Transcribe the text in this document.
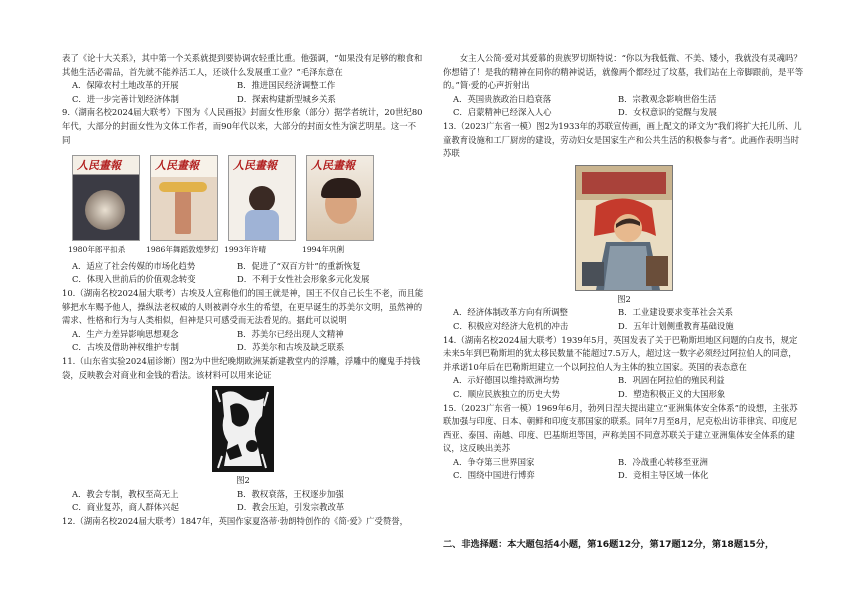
表了《论十大关系》，其中第一个关系就提到要协调农轻重比重。他强调，“如果没有足够的粮食和其他生活必需品，首先就不能养活工人，还谈什么发展重工业？”毛泽东意在

A．保障农村土地改革的开展	B．推进国民经济调整工作
C．进一步完善计划经济体制	D．探索构建新型城乡关系

9.（湖南名校2024届大联考）下图为《人民画报》封面女性形象（部分）据学者统计，20世纪80年代，大部分的封面女性为文体工作者，而90年代以来，大部分的封面女性为演艺明星。这一不同

人民畫報	人民畫報	人民畫報	人民畫報
1980年郎平扣杀	1986年舞蹈敦煌梦幻 1993年许晴	1994年巩俐
A．适应了社会传媒的市场化趋势	B．促进了“双百方针”的重新恢复
C．体现入世前后的价值观念转变	D．不利于女性社会形象多元化发展

10.（湖南名校2024届大联考）古埃及人宣称他们的国王就是神，国王不仅自己长生不老，而且能够把水车赐予他人，操纵法老权威的人则被剥夺水生的希望，在更早诞生的苏美尔文明，虽然神的需求、性格和行为与人类相似，但神是只可感受而无法看见的。据此可以说明

A．生产力差异影响思想观念	B．苏美尔已经出现人文精神
C．古埃及借助神权维护专制	D．苏美尔和古埃及缺乏联系

11.（山东省实验2024届诊断）图2为中世纪晚期欧洲某新建教堂内的浮雕，浮雕中的魔鬼手持钱袋，反映教会对商业和金钱的看法。该材料可以用来论证

图2

A．教会专制，教权至高无上	B．教权衰落，王权逐步加强
C．商业复苏，商人群体兴起	D．教会压迫，引发宗教改革

12.（湖南名校2024届大联考）1847年，英国作家夏洛蒂·勃朗特创作的《简·爱》广受赞誉，

女主人公简·爱对其爱慕的贵族罗切斯特说：“你以为我低微、不美、矮小，我就没有灵魂吗？你想错了！是我的精神在同你的精神说话，就像两个都经过了坟墓，我们站在上帝脚跟前，是平等的。”简·爱的心声折射出

A．英国贵族政治日趋衰落	B．宗教观念影响世俗生活
C．启蒙精神已经深入人心	D．女权意识的觉醒与发展

13.（2023广东省一模）图2为1933年的苏联宣传画，画上配文的译文为“我们将扩大托儿所、儿童教育设施和工厂厨房的建设，劳动妇女是国家生产和公共生活的积极参与者”。此画作表明当时苏联

图2

A．经济体制改革方向有所调整	B．工业建设要求变革社会关系
C．积极应对经济大危机的冲击	D．五年计划侧重教育基础设施

14.（湖南名校2024届大联考）1939年5月，英国发表了关于巴勒斯坦地区问题的白皮书，规定未来5年到巴勒斯坦的犹太移民数量不能超过7.5万人，超过这一数字必须经过阿拉伯人的同意，并承诺10年后在巴勒斯坦建立一个以阿拉伯人为主体的独立国家。英国的表态意在

A．示好德国以维持欧洲均势	B．巩固在阿拉伯的殖民利益
C．顺应民族独立的历史大势	D．塑造积极正义的大国形象

15.（2023广东省一模）1969年6月，勃列日涅夫提出建立“亚洲集体安全体系”的设想，主张苏联加强与印度、日本、朝鲜和印度支那国家的联系。同年7月至8月，尼克松出访菲律宾、印度尼西亚、泰国、南越、印度、巴基斯坦等国，声称美国不同意苏联关于建立亚洲集体安全体系的建议，这反映出美苏

A．争夺第三世界国家	B．冷战重心转移至亚洲
C．围绕中国进行博弈	D．竞相主导区域一体化
二、非选择题：本大题包括4小题，第16题12分，第17题12分，第18题15分，
